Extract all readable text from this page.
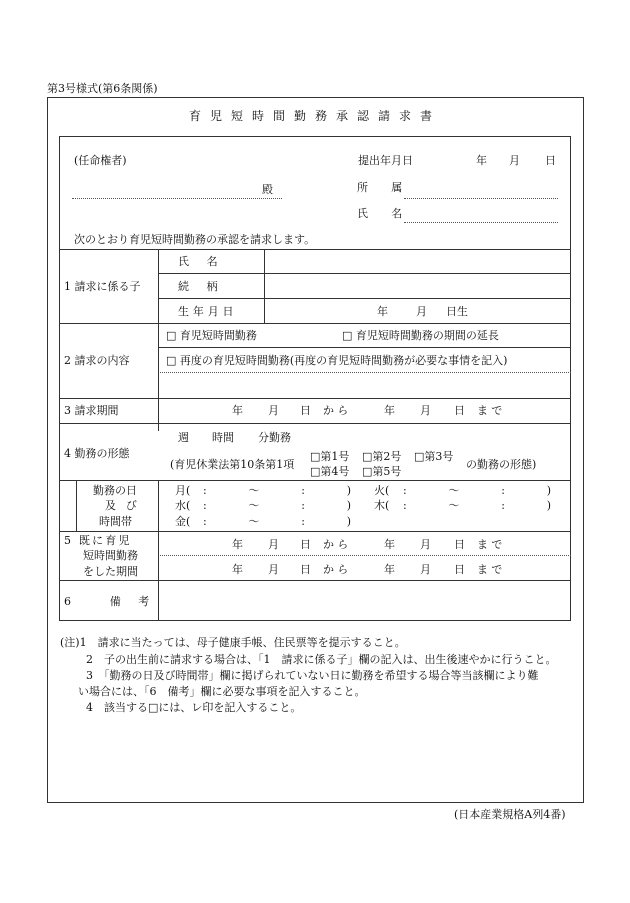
第3号様式(第6条関係)
育児短時間勤務承認請求書
(任命権者)	提出年月日	年 月 日
殿	所 属
氏 名
次のとおり育児短時間勤務の承認を請求します。
1 請求に係る子
氏名
続柄
生年月日	年	月 日生
2 請求の内容
□ 育児短時間勤務	□ 育児短時間勤務の期間の延長
□ 再度の育児短時間勤務(再度の育児短時間勤務が必要な事情を記入)
3 請求期間	年 月 日 から	年 月 日 まで
4 勤務の形態
週 時間 分勤務
(育児休業法第10条第1項
□第1号 □第2号 □第3号
□第4号 □第5号
の勤務の形態)
勤務の日
及び
時間帯
月( :　〜　:　) 火( :　〜　:　)
水( :　〜　:　) 木( :　〜　:　)
金( :　〜　:　)
5 既に育児
短時間勤務
をした期間
年 月 日 から	年 月 日 まで
年 月 日 から	年 月 日 まで
6 備考
(注)1　請求に当たっては、母子健康手帳、住民票等を提示すること。
2　子の出生前に請求する場合は、「1　請求に係る子」欄の記入は、出生後速やかに行うこと。
3　「勤務の日及び時間帯」欄に掲げられていない日に勤務を希望する場合等当該欄により難
い場合には、「6　備考」欄に必要な事項を記入すること。
4　該当する□には、レ印を記入すること。
(日本産業規格A列4番)
